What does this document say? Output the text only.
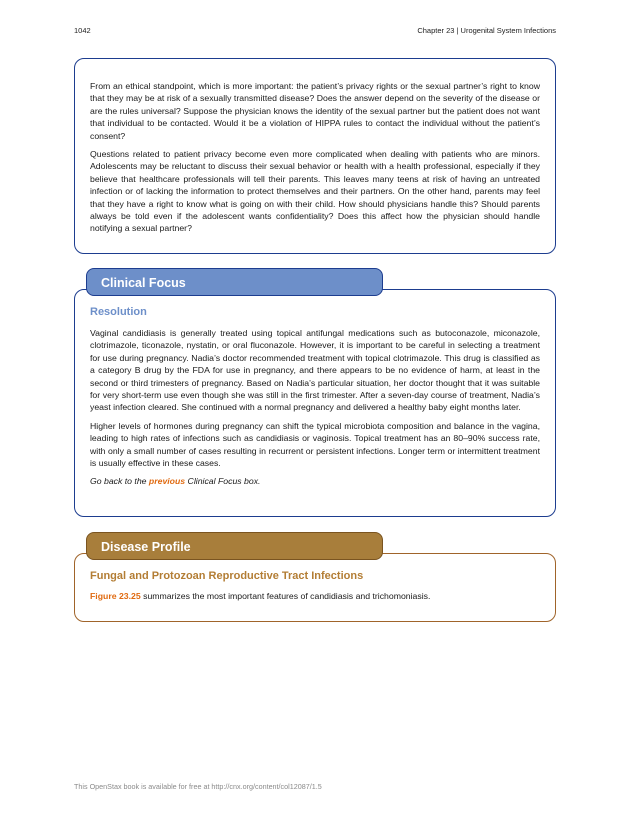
1042	Chapter 23 | Urogenital System Infections

From an ethical standpoint, which is more important: the patient’s privacy rights or the sexual partner’s right to know that they may be at risk of a sexually transmitted disease? Does the answer depend on the severity of the disease or are the rules universal? Suppose the physician knows the identity of the sexual partner but the patient does not want that individual to be contacted. Would it be a violation of HIPPA rules to contact the individual without the patient’s consent?

Questions related to patient privacy become even more complicated when dealing with patients who are minors. Adolescents may be reluctant to discuss their sexual behavior or health with a health professional, especially if they believe that healthcare professionals will tell their parents. This leaves many teens at risk of having an untreated infection or of lacking the information to protect themselves and their partners. On the other hand, parents may feel that they have a right to know what is going on with their child. How should physicians handle this? Should parents always be told even if the adolescent wants confidentiality? Does this affect how the physician should handle notifying a sexual partner?

Clinical Focus
Resolution

Vaginal candidiasis is generally treated using topical antifungal medications such as butoconazole, miconazole, clotrimazole, ticonazole, nystatin, or oral fluconazole. However, it is important to be careful in selecting a treatment for use during pregnancy. Nadia’s doctor recommended treatment with topical clotrimazole. This drug is classified as a category B drug by the FDA for use in pregnancy, and there appears to be no evidence of harm, at least in the second or third trimesters of pregnancy. Based on Nadia’s particular situation, her doctor thought that it was suitable for very short-term use even though she was still in the first trimester. After a seven-day course of treatment, Nadia’s yeast infection cleared. She continued with a normal pregnancy and delivered a healthy baby eight months later.

Higher levels of hormones during pregnancy can shift the typical microbiota composition and balance in the vagina, leading to high rates of infections such as candidiasis or vaginosis. Topical treatment has an 80–90% success rate, with only a small number of cases resulting in recurrent or persistent infections. Longer term or intermittent treatment is usually effective in these cases.

Go back to the previous Clinical Focus box.

Disease Profile
Fungal and Protozoan Reproductive Tract Infections

Figure 23.25 summarizes the most important features of candidiasis and trichomoniasis.

This OpenStax book is available for free at http://cnx.org/content/col12087/1.5
